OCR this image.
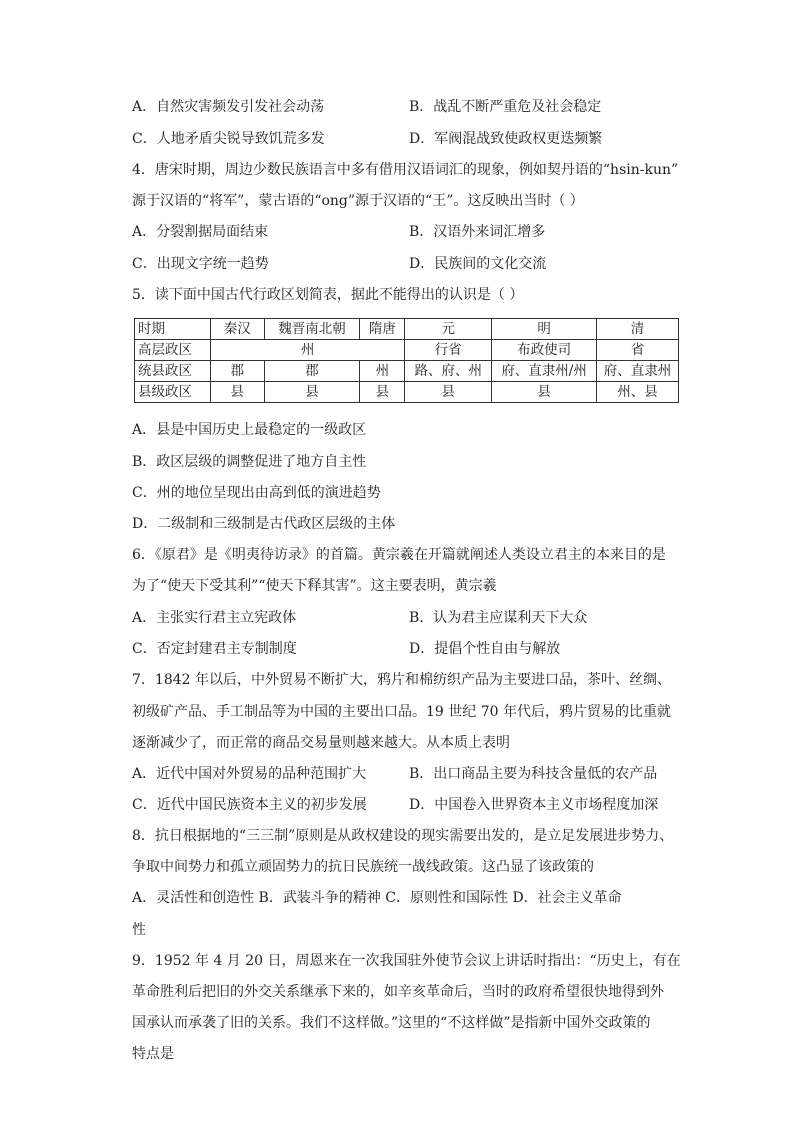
A．自然灾害频发引发社会动荡	B．战乱不断严重危及社会稳定
C．人地矛盾尖锐导致饥荒多发	D．军阀混战致使政权更迭频繁
4．唐宋时期，周边少数民族语言中多有借用汉语词汇的现象，例如契丹语的“hsin-kun”
源于汉语的“将军”，蒙古语的“ong”源于汉语的“王”。这反映出当时（ ）
A．分裂割据局面结束	B．汉语外来词汇增多
C．出现文字统一趋势	D．民族间的文化交流
5．读下面中国古代行政区划简表，据此不能得出的认识是（ ）
时期	秦汉	魏晋南北朝	隋唐	元	明	清
高层政区	州			行省	布政使司	省
统县政区	郡	郡	州	路、府、州	府、直隶州/州	府、直隶州
县级政区	县	县	县	县	县	州、县
A．县是中国历史上最稳定的一级政区
B．政区层级的调整促进了地方自主性
C．州的地位呈现出由高到低的演进趋势
D．二级制和三级制是古代政区层级的主体
6．《原君》是《明夷待访录》的首篇。黄宗羲在开篇就阐述人类设立君主的本来目的是
为了“使天下受其利”“使天下释其害”。这主要表明，黄宗羲
A．主张实行君主立宪政体	B．认为君主应谋利天下大众
C．否定封建君主专制制度	D．提倡个性自由与解放
7．1842 年以后，中外贸易不断扩大，鸦片和棉纺织产品为主要进口品，茶叶、丝绸、
初级矿产品、手工制品等为中国的主要出口品。19 世纪 70 年代后，鸦片贸易的比重就
逐渐减少了，而正常的商品交易量则越来越大。从本质上表明
A．近代中国对外贸易的品种范围扩大	B．出口商品主要为科技含量低的农产品
C．近代中国民族资本主义的初步发展	D．中国卷入世界资本主义市场程度加深
8．抗日根据地的“三三制”原则是从政权建设的现实需要出发的，是立足发展进步势力、
争取中间势力和孤立顽固势力的抗日民族统一战线政策。这凸显了该政策的
A．灵活性和创造性 B．武装斗争的精神 C．原则性和国际性 D．社会主义革命
性
9．1952 年 4 月 20 日，周恩来在一次我国驻外使节会议上讲话时指出：“历史上，有在
革命胜利后把旧的外交关系继承下来的，如辛亥革命后，当时的政府希望很快地得到外
国承认而承袭了旧的关系。我们不这样做。”这里的“不这样做”是指新中国外交政策的
特点是
